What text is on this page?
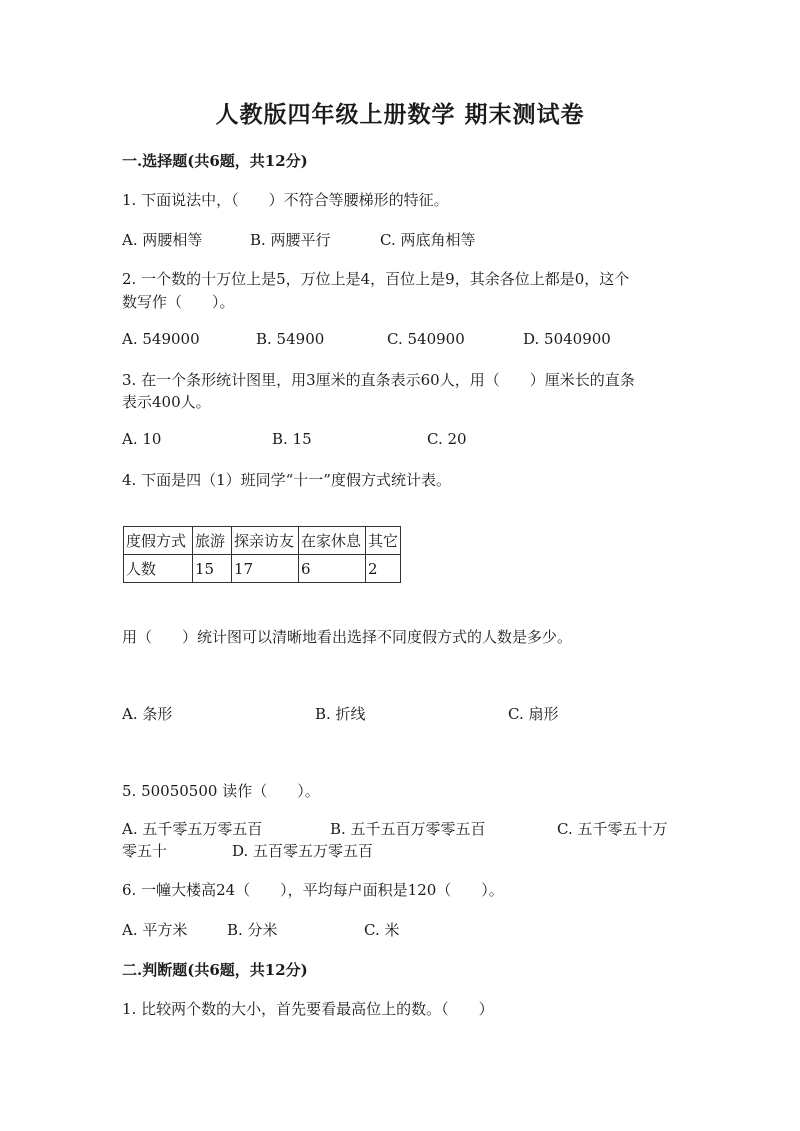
人教版四年级上册数学 期末测试卷
一.选择题(共6题，共12分)
1. 下面说法中，（　　）不符合等腰梯形的特征。
A. 两腰相等	B. 两腰平行	C. 两底角相等
2. 一个数的十万位上是5，万位上是4，百位上是9，其余各位上都是0，这个
数写作（　　）。
A. 549000	B. 54900	C. 540900	D. 5040900
3. 在一个条形统计图里，用3厘米的直条表示60人，用（　　）厘米长的直条
表示400人。
A. 10	B. 15	C. 20
4. 下面是四（1）班同学“十一”度假方式统计表。
度假方式	旅游	探亲访友	在家休息	其它
人数	15	17	6	2
用（　　）统计图可以清晰地看出选择不同度假方式的人数是多少。
A. 条形	B. 折线	C. 扇形
5. 50050500 读作（　　）。
A. 五千零五万零五百	B. 五千五百万零零五百	C. 五千零五十万
零五十	D. 五百零五万零五百
6. 一幢大楼高24（　　），平均每户面积是120（　　）。
A. 平方米	B. 分米	C. 米
二.判断题(共6题，共12分)
1. 比较两个数的大小，首先要看最高位上的数。（　　）
